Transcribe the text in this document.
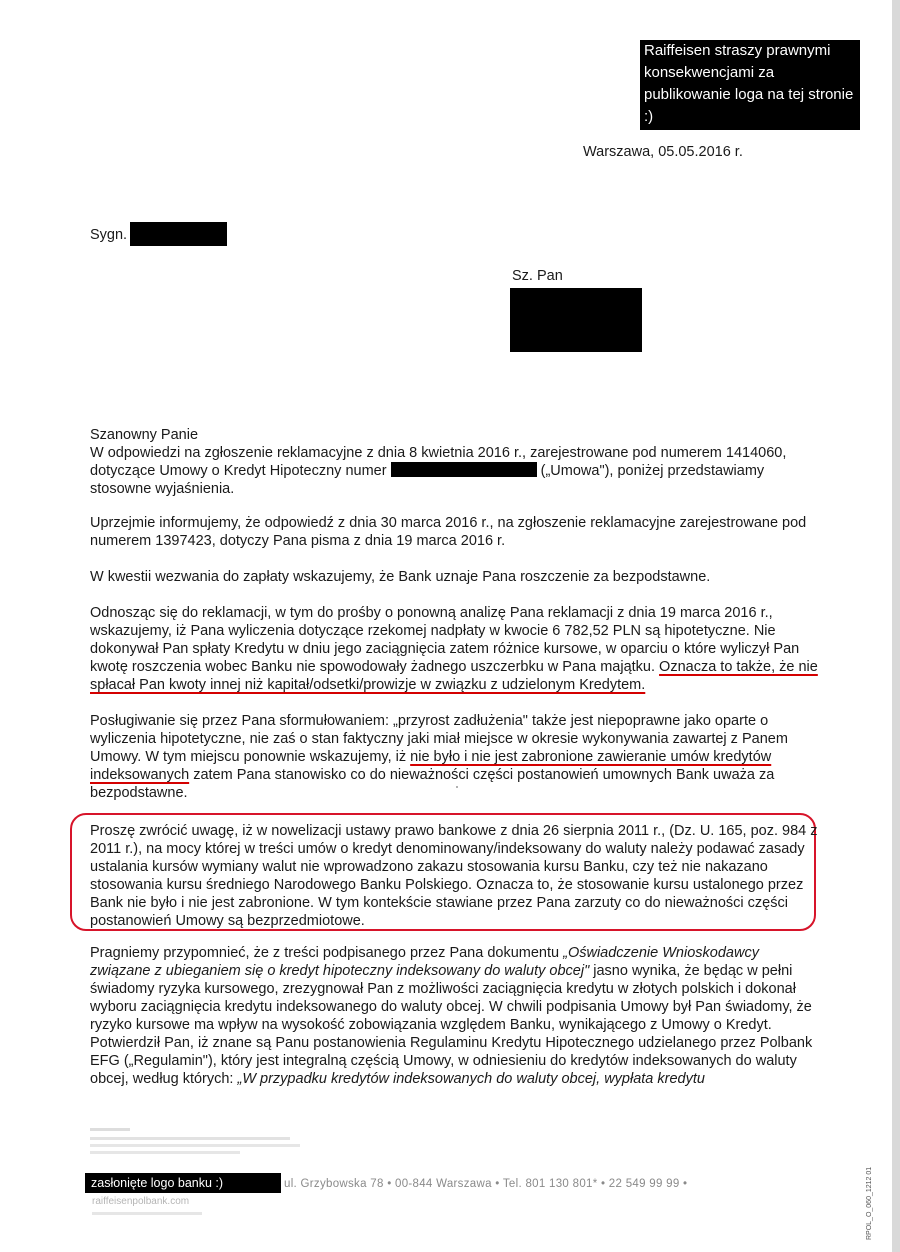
Raiffeisen straszy prawnymi konsekwencjami za publikowanie loga na tej stronie :)
Warszawa, 05.05.2016 r.
Sygn.
Sz. Pan

Szanowny Panie

W odpowiedzi na zgłoszenie reklamacyjne z dnia 8 kwietnia 2016 r., zarejestrowane pod numerem 1414060, dotyczące Umowy o Kredyt Hipoteczny numer	(„Umowa"), poniżej przedstawiamy stosowne wyjaśnienia.

Uprzejmie informujemy, że odpowiedź z dnia 30 marca 2016 r., na zgłoszenie reklamacyjne zarejestrowane pod numerem 1397423, dotyczy Pana pisma z dnia 19 marca 2016 r.

W kwestii wezwania do zapłaty wskazujemy, że Bank uznaje Pana roszczenie za bezpodstawne.

Odnosząc się do reklamacji, w tym do prośby o ponowną analizę Pana reklamacji z dnia 19 marca 2016 r., wskazujemy, iż Pana wyliczenia dotyczące rzekomej nadpłaty w kwocie 6 782,52 PLN są hipotetyczne. Nie dokonywał Pan spłaty Kredytu w dniu jego zaciągnięcia zatem różnice kursowe, w oparciu o które wyliczył Pan kwotę roszczenia wobec Banku nie spowodowały żadnego uszczerbku w Pana majątku. Oznacza to także, że nie spłacał Pan kwoty innej niż kapitał/odsetki/prowizje w związku z udzielonym Kredytem.

Posługiwanie się przez Pana sformułowaniem: „przyrost zadłużenia" także jest niepoprawne jako oparte o wyliczenia hipotetyczne, nie zaś o stan faktyczny jaki miał miejsce w okresie wykonywania zawartej z Panem Umowy. W tym miejscu ponownie wskazujemy, iż nie było i nie jest zabronione zawieranie umów kredytów indeksowanych zatem Pana stanowisko co do nieważności części postanowień umownych Bank uważa za bezpodstawne.

Proszę zwrócić uwagę, iż w nowelizacji ustawy prawo bankowe z dnia 26 sierpnia 2011 r., (Dz. U. 165, poz. 984 z 2011 r.), na mocy której w treści umów o kredyt denominowany/indeksowany do waluty należy podawać zasady ustalania kursów wymiany walut nie wprowadzono zakazu stosowania kursu Banku, czy też nie nakazano stosowania kursu średniego Narodowego Banku Polskiego. Oznacza to, że stosowanie kursu ustalonego przez Bank nie było i nie jest zabronione. W tym kontekście stawiane przez Pana zarzuty co do nieważności części postanowień Umowy są bezprzedmiotowe.

Pragniemy przypomnieć, że z treści podpisanego przez Pana dokumentu „Oświadczenie Wnioskodawcy związane z ubieganiem się o kredyt hipoteczny indeksowany do waluty obcej" jasno wynika, że będąc w pełni świadomy ryzyka kursowego, zrezygnował Pan z możliwości zaciągnięcia kredytu w złotych polskich i dokonał wyboru zaciągnięcia kredytu indeksowanego do waluty obcej. W chwili podpisania Umowy był Pan świadomy, że ryzyko kursowe ma wpływ na wysokość zobowiązania względem Banku, wynikającego z Umowy o Kredyt. Potwierdził Pan, iż znane są Panu postanowienia Regulaminu Kredytu Hipotecznego udzielanego przez Polbank EFG („Regulamin"), który jest integralną częścią Umowy, w odniesieniu do kredytów indeksowanych do waluty obcej, według których: „W przypadku kredytów indeksowanych do waluty obcej, wypłata kredytu

zasłonięte logo banku :)	ul. Grzybowska 78 • 00-844 Warszawa • Tel. 801 130 801* • 22 549 99 99 •
raiffeisenpolbank.com	RPOL_O_060_1212 01
